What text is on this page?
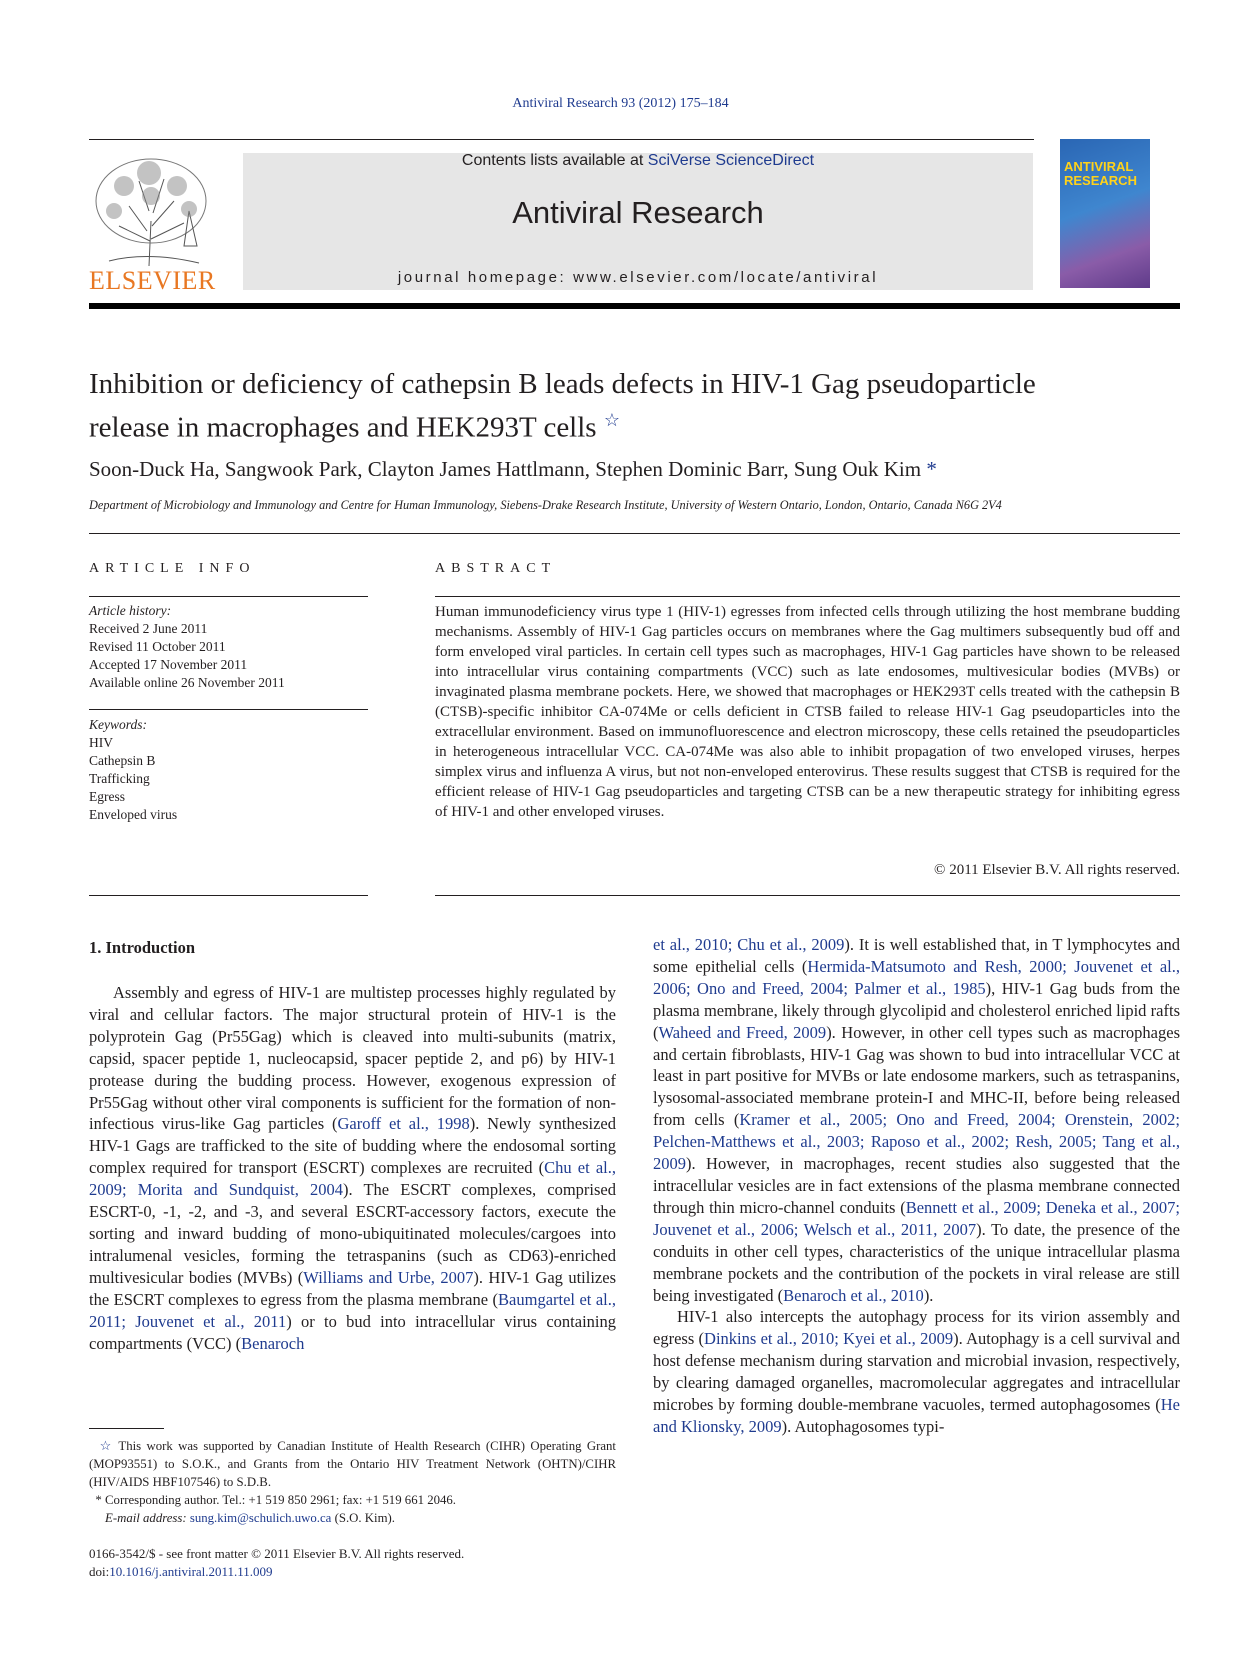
Antiviral Research 93 (2012) 175–184
ELSEVIER
Contents lists available at SciVerse ScienceDirect
Antiviral Research
journal homepage: www.elsevier.com/locate/antiviral
ANTIVIRAL RESEARCH
Inhibition or deficiency of cathepsin B leads defects in HIV-1 Gag pseudoparticle release in macrophages and HEK293T cells ☆
Soon-Duck Ha, Sangwook Park, Clayton James Hattlmann, Stephen Dominic Barr, Sung Ouk Kim *
Department of Microbiology and Immunology and Centre for Human Immunology, Siebens-Drake Research Institute, University of Western Ontario, London, Ontario, Canada N6G 2V4
ARTICLE INFO	ABSTRACT
Article history:
Received 2 June 2011
Revised 11 October 2011
Accepted 17 November 2011
Available online 26 November 2011
Keywords:
HIV
Cathepsin B
Trafficking
Egress
Enveloped virus
Human immunodeficiency virus type 1 (HIV-1) egresses from infected cells through utilizing the host membrane budding mechanisms. Assembly of HIV-1 Gag particles occurs on membranes where the Gag multimers subsequently bud off and form enveloped viral particles. In certain cell types such as macrophages, HIV-1 Gag particles have shown to be released into intracellular virus containing compartments (VCC) such as late endosomes, multivesicular bodies (MVBs) or invaginated plasma membrane pockets. Here, we showed that macrophages or HEK293T cells treated with the cathepsin B (CTSB)-specific inhibitor CA-074Me or cells deficient in CTSB failed to release HIV-1 Gag pseudoparticles into the extracellular environment. Based on immunofluorescence and electron microscopy, these cells retained the pseudoparticles in heterogeneous intracellular VCC. CA-074Me was also able to inhibit propagation of two enveloped viruses, herpes simplex virus and influenza A virus, but not non-enveloped enterovirus. These results suggest that CTSB is required for the efficient release of HIV-1 Gag pseudoparticles and targeting CTSB can be a new therapeutic strategy for inhibiting egress of HIV-1 and other enveloped viruses.
© 2011 Elsevier B.V. All rights reserved.
1. Introduction

Assembly and egress of HIV-1 are multistep processes highly regulated by viral and cellular factors. The major structural protein of HIV-1 is the polyprotein Gag (Pr55Gag) which is cleaved into multi-subunits (matrix, capsid, spacer peptide 1, nucleocapsid, spacer peptide 2, and p6) by HIV-1 protease during the budding process. However, exogenous expression of Pr55Gag without other viral components is sufficient for the formation of non-infectious virus-like Gag particles (Garoff et al., 1998). Newly synthesized HIV-1 Gags are trafficked to the site of budding where the endosomal sorting complex required for transport (ESCRT) complexes are recruited (Chu et al., 2009; Morita and Sundquist, 2004). The ESCRT complexes, comprised ESCRT-0, -1, -2, and -3, and several ESCRT-accessory factors, execute the sorting and inward budding of mono-ubiquitinated molecules/cargoes into intralumenal vesicles, forming the tetraspanins (such as CD63)-enriched multivesicular bodies (MVBs) (Williams and Urbe, 2007). HIV-1 Gag utilizes the ESCRT complexes to egress from the plasma membrane (Baumgartel et al., 2011; Jouvenet et al., 2011) or to bud into intracellular virus containing compartments (VCC) (Benaroch

et al., 2010; Chu et al., 2009). It is well established that, in T lymphocytes and some epithelial cells (Hermida-Matsumoto and Resh, 2000; Jouvenet et al., 2006; Ono and Freed, 2004; Palmer et al., 1985), HIV-1 Gag buds from the plasma membrane, likely through glycolipid and cholesterol enriched lipid rafts (Waheed and Freed, 2009). However, in other cell types such as macrophages and certain fibroblasts, HIV-1 Gag was shown to bud into intracellular VCC at least in part positive for MVBs or late endosome markers, such as tetraspanins, lysosomal-associated membrane protein-I and MHC-II, before being released from cells (Kramer et al., 2005; Ono and Freed, 2004; Orenstein, 2002; Pelchen-Matthews et al., 2003; Raposo et al., 2002; Resh, 2005; Tang et al., 2009). However, in macrophages, recent studies also suggested that the intracellular vesicles are in fact extensions of the plasma membrane connected through thin micro-channel conduits (Bennett et al., 2009; Deneka et al., 2007; Jouvenet et al., 2006; Welsch et al., 2011, 2007). To date, the presence of the conduits in other cell types, characteristics of the unique intracellular plasma membrane pockets and the contribution of the pockets in viral release are still being investigated (Benaroch et al., 2010).

HIV-1 also intercepts the autophagy process for its virion assembly and egress (Dinkins et al., 2010; Kyei et al., 2009). Autophagy is a cell survival and host defense mechanism during starvation and microbial invasion, respectively, by clearing damaged organelles, macromolecular aggregates and intracellular microbes by forming double-membrane vacuoles, termed autophagosomes (He and Klionsky, 2009). Autophagosomes typi-

☆ This work was supported by Canadian Institute of Health Research (CIHR) Operating Grant (MOP93551) to S.O.K., and Grants from the Ontario HIV Treatment Network (OHTN)/CIHR (HIV/AIDS HBF107546) to S.D.B.

* Corresponding author. Tel.: +1 519 850 2961; fax: +1 519 661 2046.

E-mail address: sung.kim@schulich.uwo.ca (S.O. Kim).

0166-3542/$ - see front matter © 2011 Elsevier B.V. All rights reserved.
doi:10.1016/j.antiviral.2011.11.009
